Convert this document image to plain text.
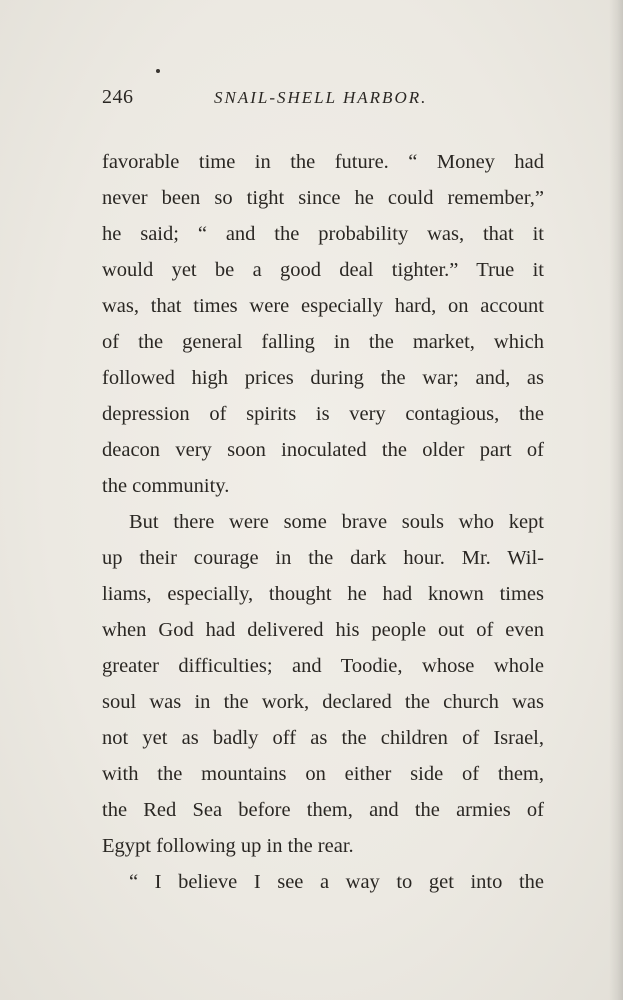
246	SNAIL-SHELL HARBOR.
favorable time in the future. “ Money had
never been so tight since he could remember,”
he said; “ and the probability was, that it
would yet be a good deal tighter.” True it
was, that times were especially hard, on account
of the general falling in the market, which
followed high prices during the war; and, as
depression of spirits is very contagious, the
deacon very soon inoculated the older part of
the community.
But there were some brave souls who kept
up their courage in the dark hour. Mr. Wil-
liams, especially, thought he had known times
when God had delivered his people out of even
greater difficulties; and Toodie, whose whole
soul was in the work, declared the church was
not yet as badly off as the children of Israel,
with the mountains on either side of them,
the Red Sea before them, and the armies of
Egypt following up in the rear.
“ I believe I see a way to get into the
